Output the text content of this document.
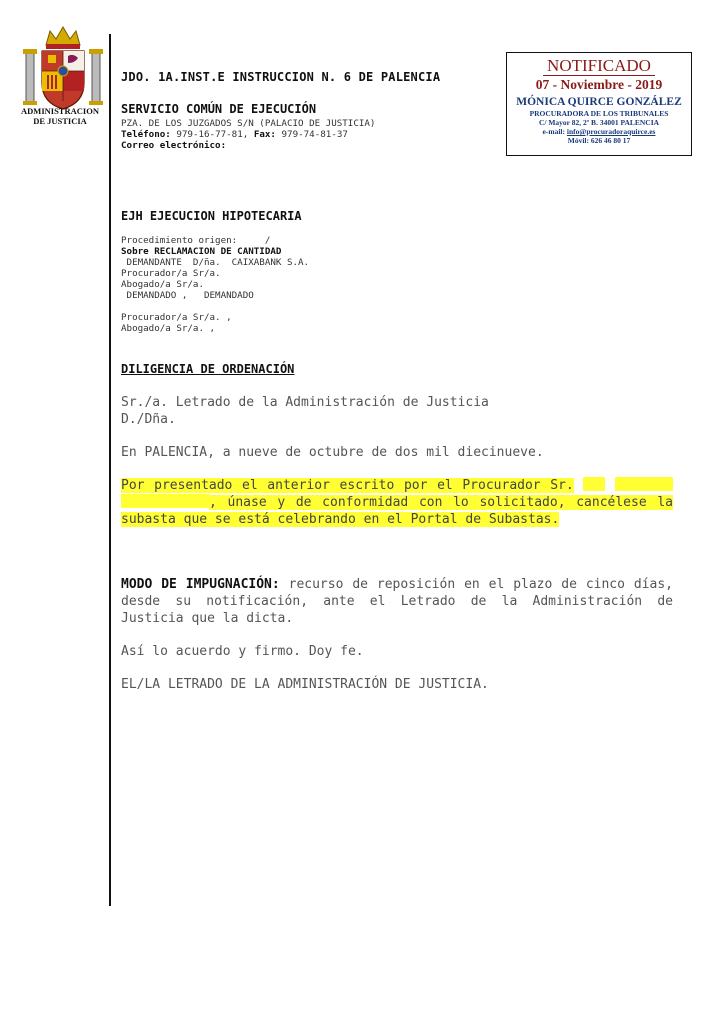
ADMINISTRACION
DE JUSTICIA
JDO. 1A.INST.E INSTRUCCION N. 6 DE PALENCIA
SERVICIO COMÚN DE EJECUCIÓN
PZA. DE LOS JUZGADOS S/N (PALACIO DE JUSTICIA)
Teléfono: 979-16-77-81, Fax: 979-74-81-37
Correo electrónico:
NOTIFICADO
07 - Noviembre - 2019
MÓNICA QUIRCE GONZÁLEZ
PROCURADORA DE LOS TRIBUNALES
C/ Mayor 82, 2º B. 34001 PALENCIA
e-mail: info@procuradoraquirce.es
Móvil: 626 46 80 17
EJH EJECUCION HIPOTECARIA

Procedimiento origen:     /
Sobre RECLAMACION DE CANTIDAD
DEMANDANTE  D/ña.  CAIXABANK S.A.
Procurador/a Sr/a.
Abogado/a Sr/a.
DEMANDADO ,   DEMANDADO
Procurador/a Sr/a. ,
Abogado/a Sr/a. ,

DILIGENCIA DE ORDENACIÓN
Sr./a. Letrado de la Administración de Justicia
D./Dña.
En PALENCIA, a nueve de octubre de dos mil diecinueve.
Por presentado el anterior escrito por el Procurador Sr.   , únase y de conformidad con lo solicitado, cancélese la subasta que se está celebrando en el Portal de Subastas.
MODO DE IMPUGNACIÓN: recurso de reposición en el plazo de cinco días, desde su notificación, ante el Letrado de la Administración de Justicia que la dicta.
Así lo acuerdo y firmo. Doy fe.
EL/LA LETRADO DE LA ADMINISTRACIÓN DE JUSTICIA.
